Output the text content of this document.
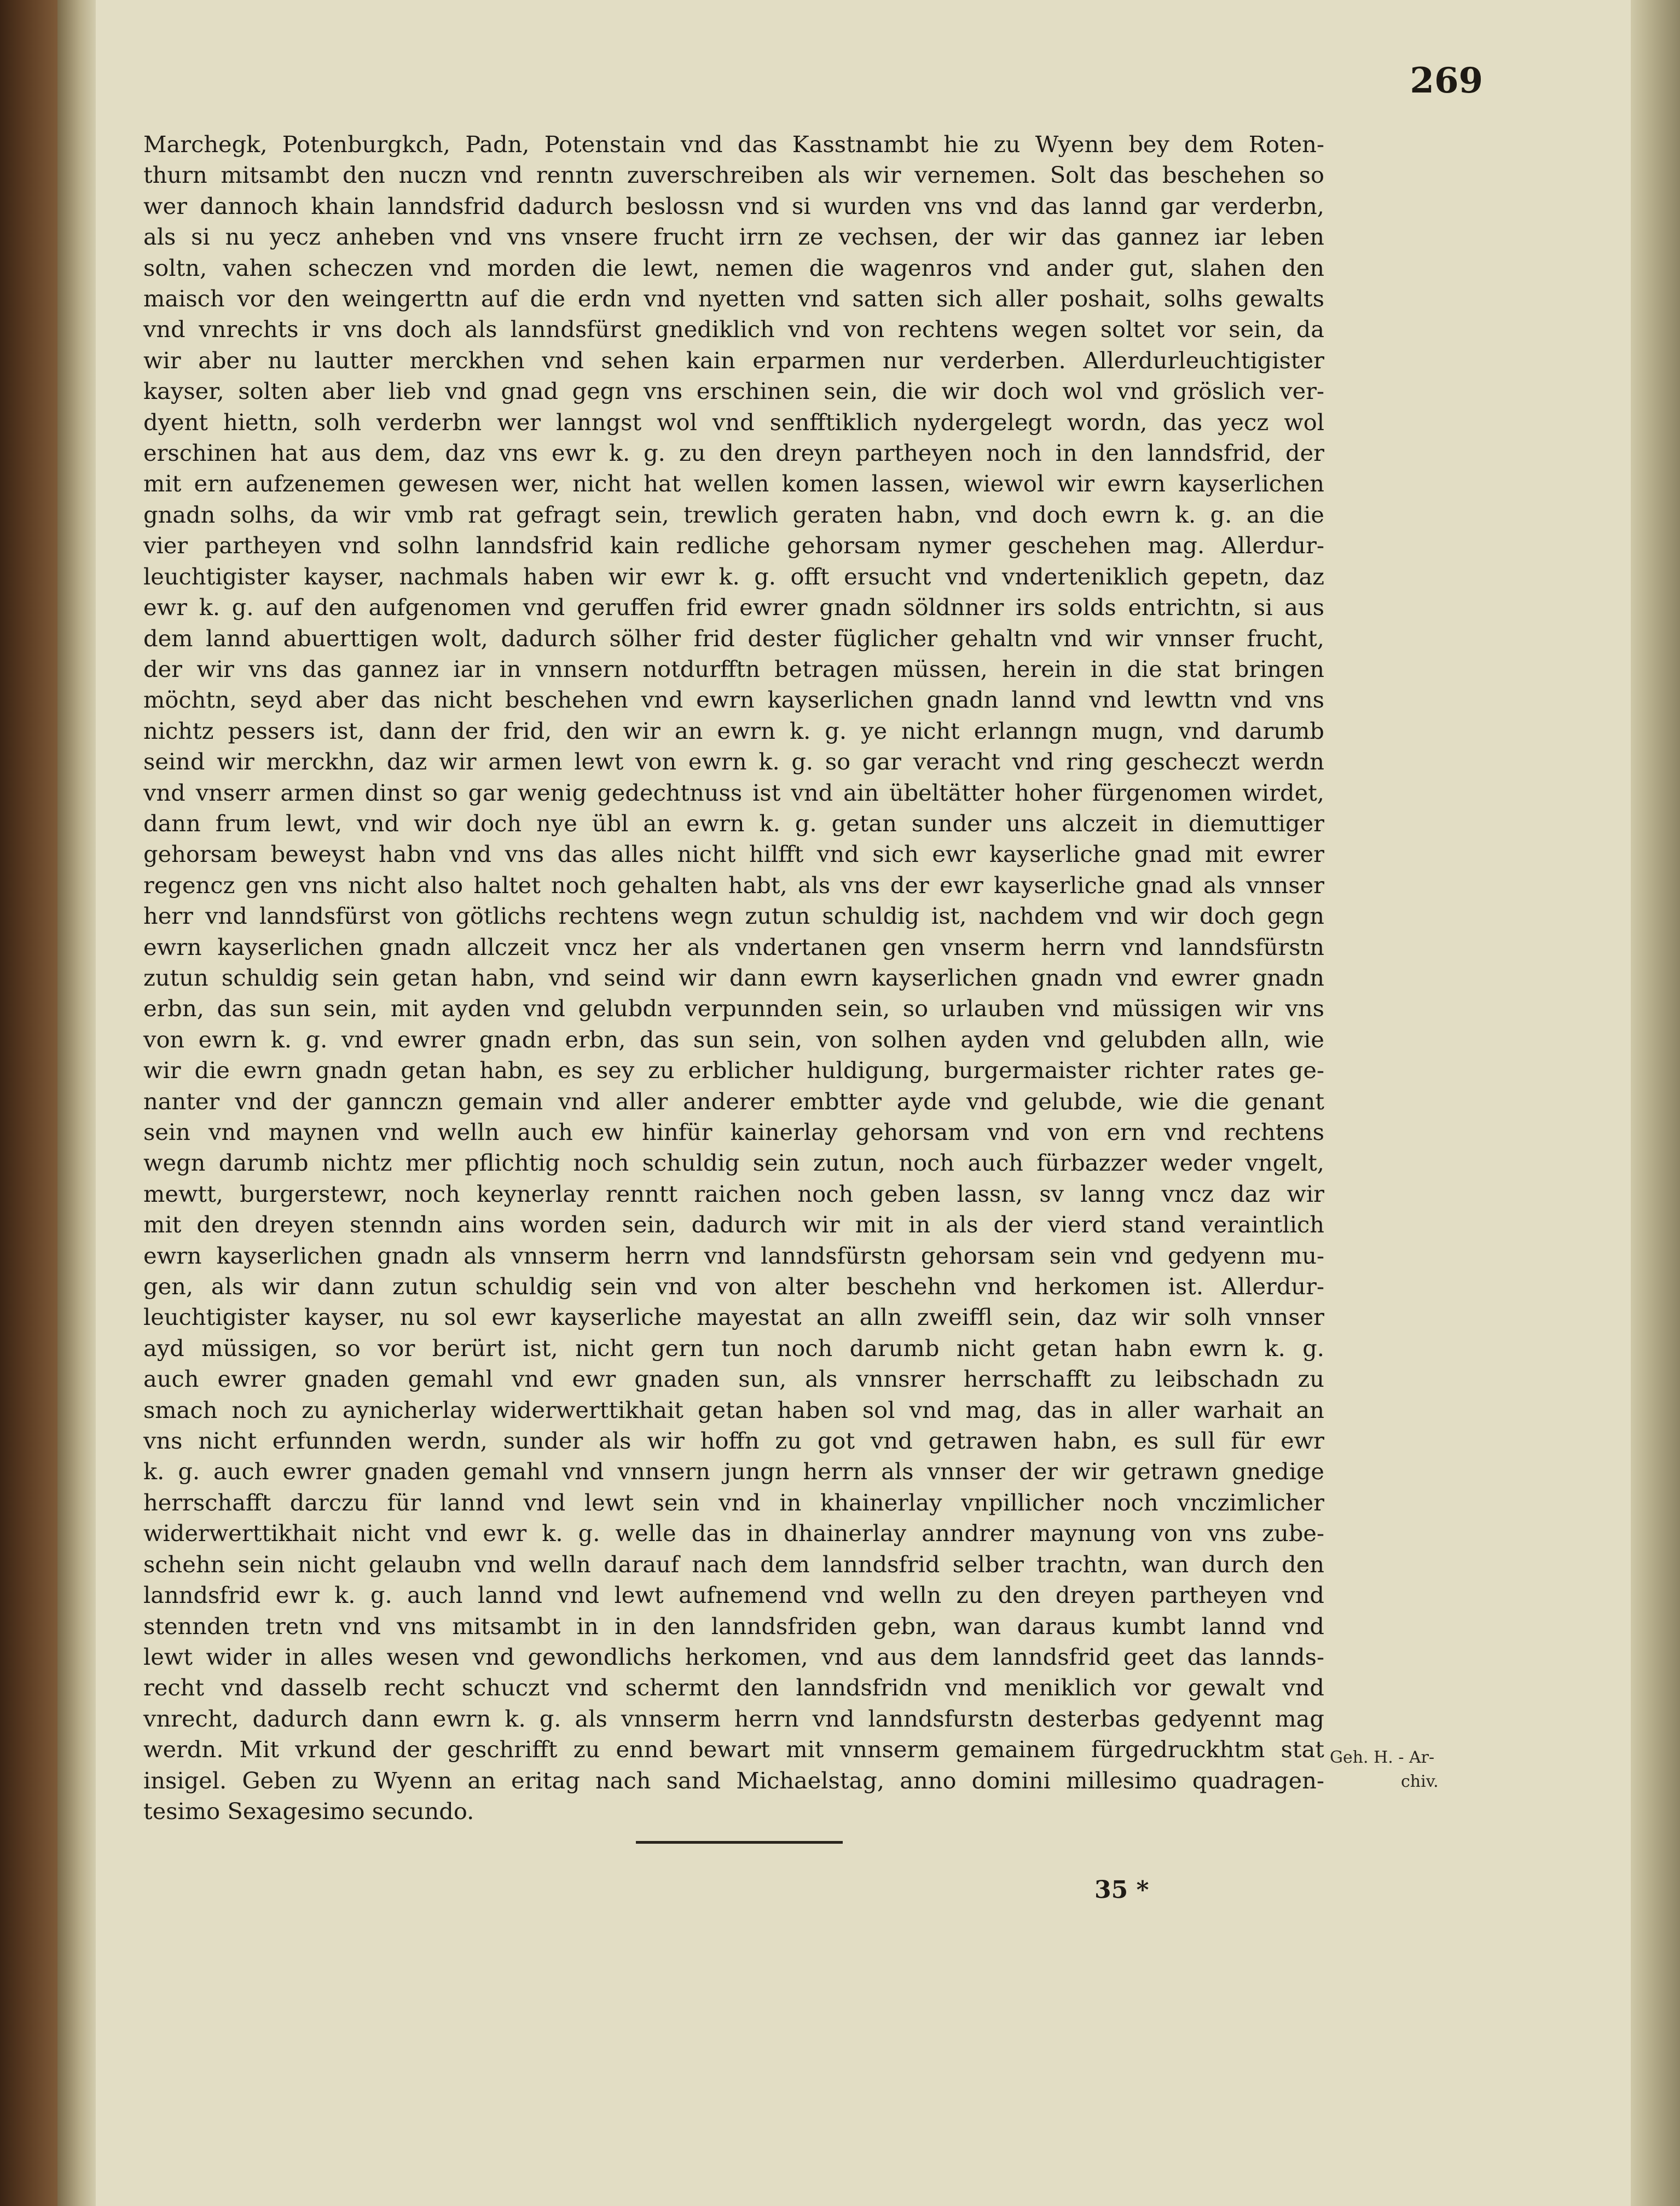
269
Marchegk, Potenburgkch, Padn, Potenstain vnd das Kasstnambt hie zu Wyenn bey dem Roten-
thurn mitsambt den nuczn vnd renntn zuverschreiben als wir vernemen. Solt das beschehen so
wer dannoch khain lanndsfrid dadurch beslossn vnd si wurden vns vnd das lannd gar verderbn,
als si nu yecz anheben vnd vns vnsere frucht irrn ze vechsen, der wir das gannez iar leben
soltn, vahen scheczen vnd morden die lewt, nemen die wagenros vnd ander gut, slahen den
maisch vor den weingerttn auf die erdn vnd nyetten vnd satten sich aller poshait, solhs gewalts
vnd vnrechts ir vns doch als lanndsfürst gnediklich vnd von rechtens wegen soltet vor sein, da
wir aber nu lautter merckhen vnd sehen kain erparmen nur verderben. Allerdurleuchtigister
kayser, solten aber lieb vnd gnad gegn vns erschinen sein, die wir doch wol vnd gröslich ver-
dyent hiettn, solh verderbn wer lanngst wol vnd senfftiklich nydergelegt wordn, das yecz wol
erschinen hat aus dem, daz vns ewr k. g. zu den dreyn partheyen noch in den lanndsfrid, der
mit ern aufzenemen gewesen wer, nicht hat wellen komen lassen, wiewol wir ewrn kayserlichen
gnadn solhs, da wir vmb rat gefragt sein, trewlich geraten habn, vnd doch ewrn k. g. an die
vier partheyen vnd solhn lanndsfrid kain redliche gehorsam nymer geschehen mag. Allerdur-
leuchtigister kayser, nachmals haben wir ewr k. g. offt ersucht vnd vnderteniklich gepetn, daz
ewr k. g. auf den aufgenomen vnd geruffen frid ewrer gnadn söldnner irs solds entrichtn, si aus
dem lannd abuerttigen wolt, dadurch sölher frid dester füglicher gehaltn vnd wir vnnser frucht,
der wir vns das gannez iar in vnnsern notdurfftn betragen müssen, herein in die stat bringen
möchtn, seyd aber das nicht beschehen vnd ewrn kayserlichen gnadn lannd vnd lewttn vnd vns
nichtz pessers ist, dann der frid, den wir an ewrn k. g. ye nicht erlanngn mugn, vnd darumb
seind wir merckhn, daz wir armen lewt von ewrn k. g. so gar veracht vnd ring gescheczt werdn
vnd vnserr armen dinst so gar wenig gedechtnuss ist vnd ain übeltätter hoher fürgenomen wirdet,
dann frum lewt, vnd wir doch nye übl an ewrn k. g. getan sunder uns alczeit in diemuttiger
gehorsam beweyst habn vnd vns das alles nicht hilfft vnd sich ewr kayserliche gnad mit ewrer
regencz gen vns nicht also haltet noch gehalten habt, als vns der ewr kayserliche gnad als vnnser
herr vnd lanndsfürst von götlichs rechtens wegn zutun schuldig ist, nachdem vnd wir doch gegn
ewrn kayserlichen gnadn allczeit vncz her als vndertanen gen vnserm herrn vnd lanndsfürstn
zutun schuldig sein getan habn, vnd seind wir dann ewrn kayserlichen gnadn vnd ewrer gnadn
erbn, das sun sein, mit ayden vnd gelubdn verpunnden sein, so urlauben vnd müssigen wir vns
von ewrn k. g. vnd ewrer gnadn erbn, das sun sein, von solhen ayden vnd gelubden alln, wie
wir die ewrn gnadn getan habn, es sey zu erblicher huldigung, burgermaister richter rates ge-
nanter vnd der gannczn gemain vnd aller anderer embtter ayde vnd gelubde, wie die genant
sein vnd maynen vnd welln auch ew hinfür kainerlay gehorsam vnd von ern vnd rechtens
wegn darumb nichtz mer pflichtig noch schuldig sein zutun, noch auch fürbazzer weder vngelt,
mewtt, burgerstewr, noch keynerlay renntt raichen noch geben lassn, sv lanng vncz daz wir
mit den dreyen stenndn ains worden sein, dadurch wir mit in als der vierd stand veraintlich
ewrn kayserlichen gnadn als vnnserm herrn vnd lanndsfürstn gehorsam sein vnd gedyenn mu-
gen, als wir dann zutun schuldig sein vnd von alter beschehn vnd herkomen ist. Allerdur-
leuchtigister kayser, nu sol ewr kayserliche mayestat an alln zweiffl sein, daz wir solh vnnser
ayd müssigen, so vor berürt ist, nicht gern tun noch darumb nicht getan habn ewrn k. g.
auch ewrer gnaden gemahl vnd ewr gnaden sun, als vnnsrer herrschafft zu leibschadn zu
smach noch zu aynicherlay widerwerttikhait getan haben sol vnd mag, das in aller warhait an
vns nicht erfunnden werdn, sunder als wir hoffn zu got vnd getrawen habn, es sull für ewr
k. g. auch ewrer gnaden gemahl vnd vnnsern jungn herrn als vnnser der wir getrawn gnedige
herrschafft darczu für lannd vnd lewt sein vnd in khainerlay vnpillicher noch vnczimlicher
widerwerttikhait nicht vnd ewr k. g. welle das in dhainerlay anndrer maynung von vns zube-
schehn sein nicht gelaubn vnd welln darauf nach dem lanndsfrid selber trachtn, wan durch den
lanndsfrid ewr k. g. auch lannd vnd lewt aufnemend vnd welln zu den dreyen partheyen vnd
stennden tretn vnd vns mitsambt in in den lanndsfriden gebn, wan daraus kumbt lannd vnd
lewt wider in alles wesen vnd gewondlichs herkomen, vnd aus dem lanndsfrid geet das lannds-
recht vnd dasselb recht schuczt vnd schermt den lanndsfridn vnd meniklich vor gewalt vnd
vnrecht, dadurch dann ewrn k. g. als vnnserm herrn vnd lanndsfurstn desterbas gedyennt mag
werdn. Mit vrkund der geschrifft zu ennd bewart mit vnnserm gemainem fürgedruckhtm stat
insigel. Geben zu Wyenn an eritag nach sand Michaelstag, anno domini millesimo quadragen-
tesimo Sexagesimo secundo.
Geh. H. - Ar-
chiv.
35 *
